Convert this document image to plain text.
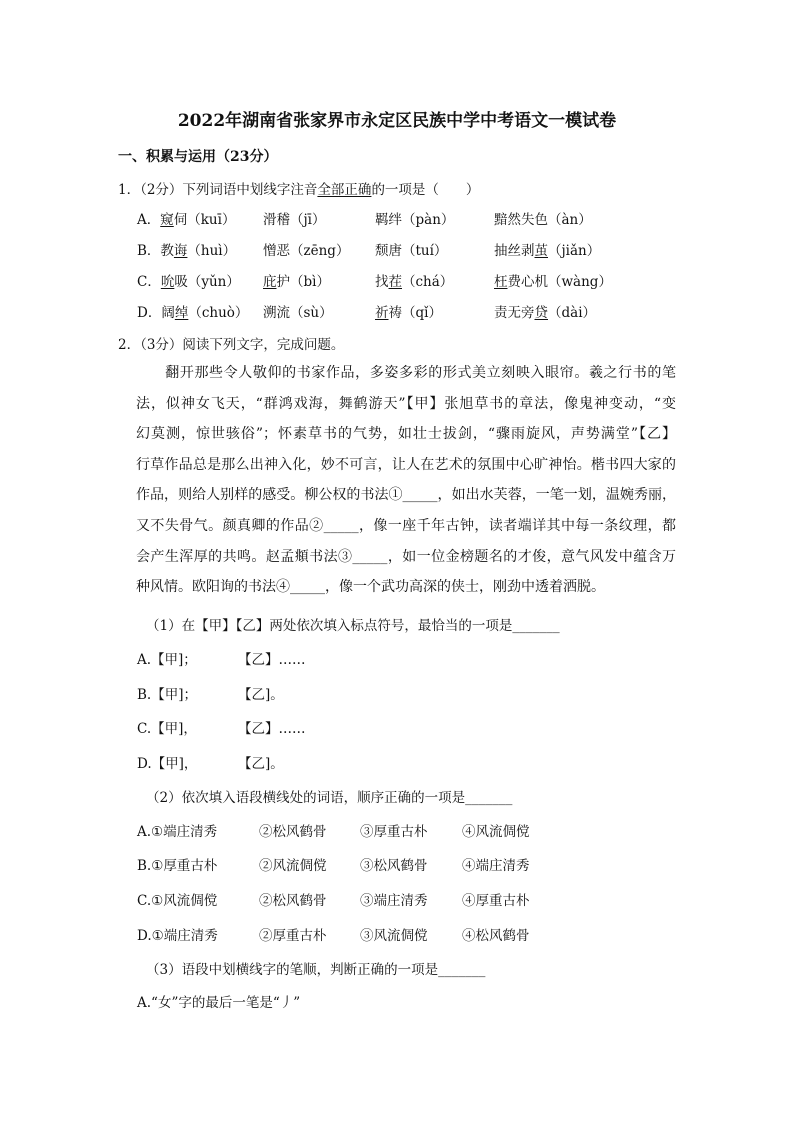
2022年湖南省张家界市永定区民族中学中考语文一模试卷
一、积累与运用（23分）
1．（2分）下列词语中划线字注音全部正确的一项是（　　）
A．窥伺（kuī） 滑稽（jī）	羁绊（pàn）	黯然失色（àn）
B．教诲（huì） 憎恶（zēng） 颓唐（tuí）	抽丝剥茧（jiǎn）
C．吮吸（yǔn） 庇护（bì）	找茬（chá）	枉费心机（wàng）
D．阔绰（chuò） 溯流（sù）	祈祷（qǐ）	责无旁贷（dài）
2．（3分）阅读下列文字，完成问题。

　　翻开那些令人敬仰的书家作品，多姿多彩的形式美立刻映入眼帘。羲之行书的笔

法，似神女飞天，“群鸿戏海，舞鹤游天”【甲】张旭草书的章法，像鬼神变动，“变

幻莫测，惊世骇俗”；怀素草书的气势，如壮士拔剑，“骤雨旋风，声势满堂”【乙】

行草作品总是那么出神入化，妙不可言，让人在艺术的氛围中心旷神怡。楷书四大家的

作品，则给人别样的感受。柳公权的书法①_____，如出水芙蓉，一笔一划，温婉秀丽，

又不失骨气。颜真卿的作品②_____，像一座千年古钟，读者端详其中每一条纹理，都

会产生浑厚的共鸣。赵孟頫书法③_____，如一位金榜题名的才俊，意气风发中蕴含万

种风情。欧阳询的书法④_____，像一个武功高深的侠士，刚劲中透着洒脱。

（1）在【甲】【乙】两处依次填入标点符号，最恰当的一项是_______
A.【甲]；	【乙】……
B.【甲]；	【乙]。
C.【甲]，	【乙】……
D.【甲]，	【乙]。
（2）依次填入语段横线处的词语，顺序正确的一项是_______
A.①端庄清秀	②松风鹤骨 ③厚重古朴	④风流倜傥
B.①厚重古朴	②风流倜傥 ③松风鹤骨	④端庄清秀
C.①风流倜傥	②松风鹤骨 ③端庄清秀	④厚重古朴
D.①端庄清秀	②厚重古朴 ③风流倜傥	④松风鹤骨
（3）语段中划横线字的笔顺，判断正确的一项是_______
A.“女”字的最后一笔是“丿”
